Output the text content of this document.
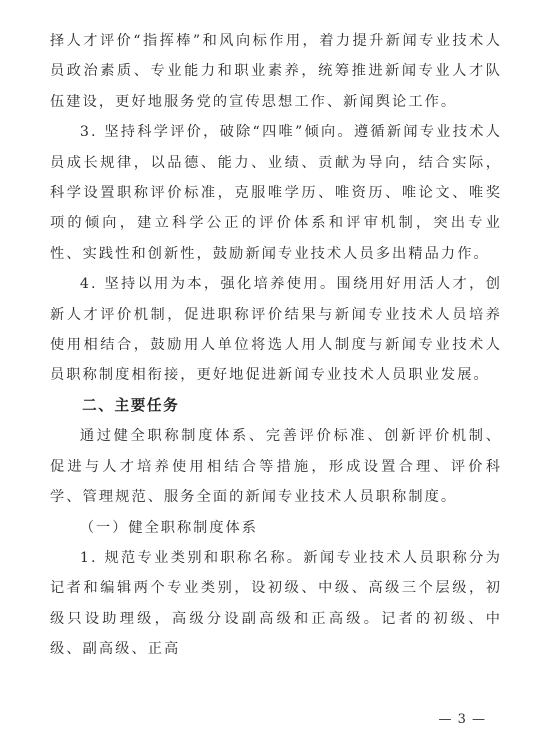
择人才评价“指挥棒”和风向标作用，着力提升新闻专业技术人员政治素质、专业能力和职业素养，统筹推进新闻专业人才队伍建设，更好地服务党的宣传思想工作、新闻舆论工作。

3. 坚持科学评价，破除“四唯”倾向。遵循新闻专业技术人员成长规律，以品德、能力、业绩、贡献为导向，结合实际，科学设置职称评价标准，克服唯学历、唯资历、唯论文、唯奖项的倾向，建立科学公正的评价体系和评审机制，突出专业性、实践性和创新性，鼓励新闻专业技术人员多出精品力作。

4. 坚持以用为本，强化培养使用。围绕用好用活人才，创新人才评价机制，促进职称评价结果与新闻专业技术人员培养使用相结合，鼓励用人单位将选人用人制度与新闻专业技术人员职称制度相衔接，更好地促进新闻专业技术人员职业发展。

二、主要任务

通过健全职称制度体系、完善评价标准、创新评价机制、促进与人才培养使用相结合等措施，形成设置合理、评价科学、管理规范、服务全面的新闻专业技术人员职称制度。

（一）健全职称制度体系

1. 规范专业类别和职称名称。新闻专业技术人员职称分为记者和编辑两个专业类别，设初级、中级、高级三个层级，初级只设助理级，高级分设副高级和正高级。记者的初级、中级、副高级、正高

— 3 —
